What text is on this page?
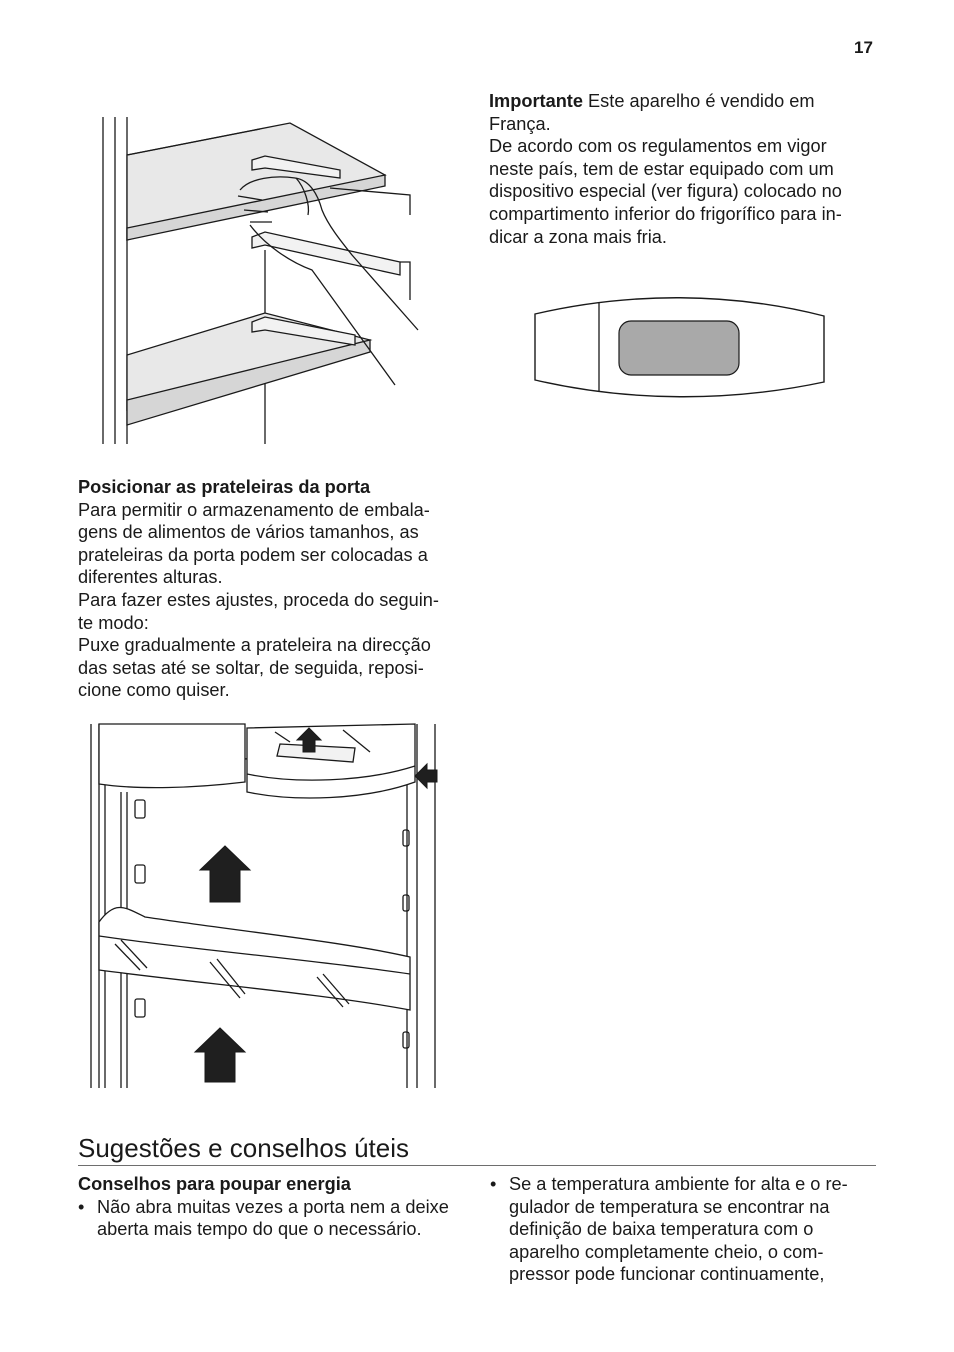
17

Importante Este aparelho é vendido em

França.

De acordo com os regulamentos em vigor

neste país, tem de estar equipado com um

dispositivo especial (ver figura) colocado no

compartimento inferior do frigorífico para in-

dicar a zona mais fria.

Posicionar as prateleiras da porta

Para permitir o armazenamento de embala-

gens de alimentos de vários tamanhos, as

prateleiras da porta podem ser colocadas a

diferentes alturas.

Para fazer estes ajustes, proceda do seguin-

te modo:

Puxe gradualmente a prateleira na direcção

das setas até se soltar, de seguida, reposi-

cione como quiser.

Sugestões e conselhos úteis

Conselhos para poupar energia

• Não abra muitas vezes a porta nem a deixe
aberta mais tempo do que o necessário.
• Se a temperatura ambiente for alta e o re-
gulador de temperatura se encontrar na
definição de baixa temperatura com o
aparelho completamente cheio, o com-
pressor pode funcionar continuamente,
